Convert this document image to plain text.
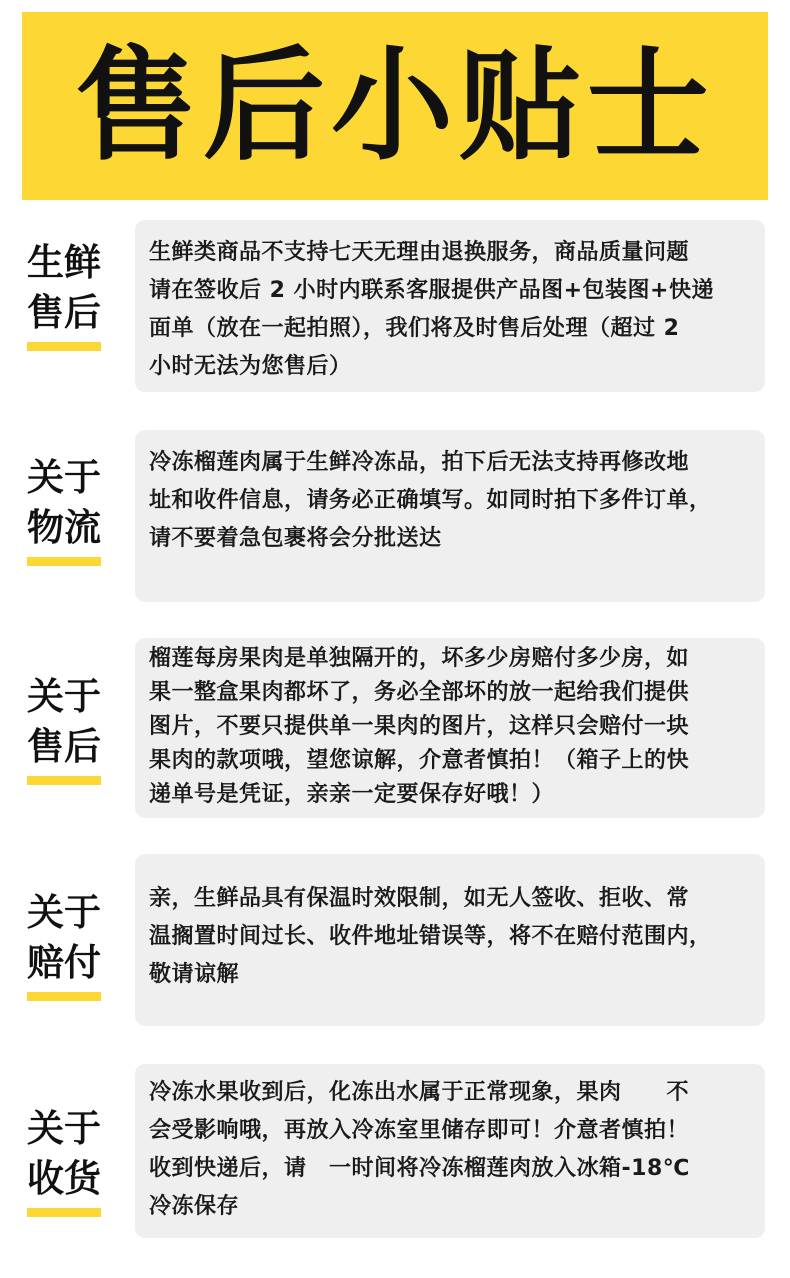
售后小贴士
生鲜
售后
生鲜类商品不支持七天无理由退换服务，商品质量问题
请在签收后 2 小时内联系客服提供产品图+包装图+快递
面单（放在一起拍照），我们将及时售后处理（超过 2
小时无法为您售后）
关于
物流
冷冻榴莲肉属于生鲜冷冻品，拍下后无法支持再修改地
址和收件信息，请务必正确填写。如同时拍下多件订单，
请不要着急包裹将会分批送达
关于
售后
榴莲每房果肉是单独隔开的，坏多少房赔付多少房，如
果一整盒果肉都坏了，务必全部坏的放一起给我们提供
图片，不要只提供单一果肉的图片，这样只会赔付一块
果肉的款项哦，望您谅解，介意者慎拍！（箱子上的快
递单号是凭证，亲亲一定要保存好哦！）
关于
赔付
亲，生鲜品具有保温时效限制，如无人签收、拒收、常
温搁置时间过长、收件地址错误等，将不在赔付范围内，
敬请谅解
关于
收货
冷冻水果收到后，化冻出水属于正常现象，果肉　　不
会受影响哦，再放入冷冻室里储存即可！介意者慎拍！
收到快递后，请　一时间将冷冻榴莲肉放入冰箱-18℃
冷冻保存
